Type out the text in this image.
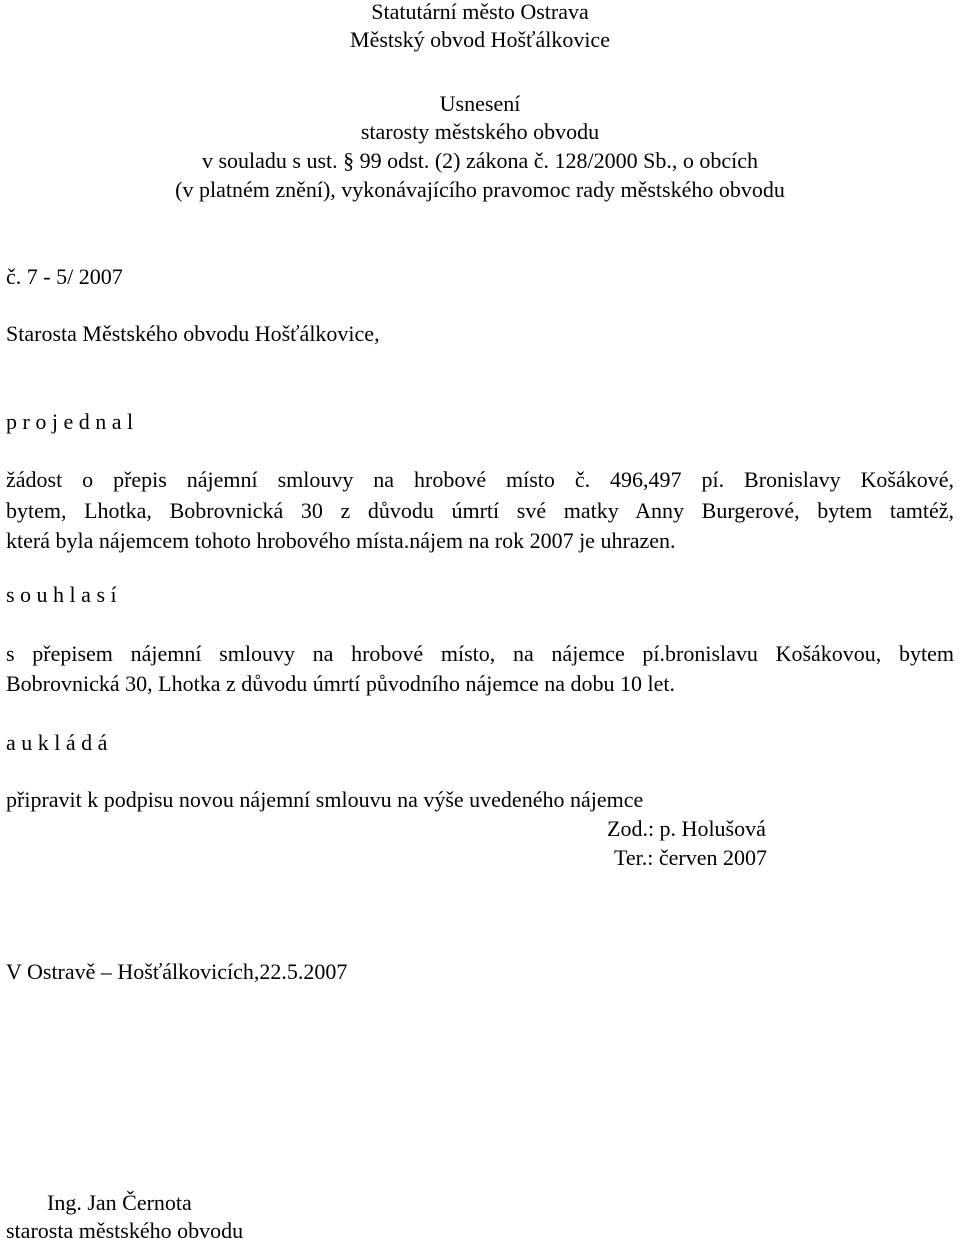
Statutární město Ostrava
Městský obvod Hošťálkovice
Usnesení
starosty městského obvodu
v souladu s ust. § 99 odst. (2) zákona č. 128/2000 Sb., o obcích
(v platném znění), vykonávajícího pravomoc rady městského obvodu
č. 7 - 5/ 2007
Starosta Městského obvodu Hošťálkovice,
p r o j e d n a l
žádost o přepis nájemní smlouvy na hrobové místo č. 496,497 pí. Bronislavy Košákové,
bytem, Lhotka, Bobrovnická 30 z důvodu úmrtí své matky Anny Burgerové, bytem tamtéž,
která byla nájemcem tohoto hrobového místa.nájem na rok 2007 je uhrazen.
s o u h l a s í
s přepisem nájemní smlouvy na hrobové místo, na nájemce pí.bronislavu Košákovou, bytem
Bobrovnická 30, Lhotka z důvodu úmrtí původního nájemce na dobu 10 let.
a u k l á d á
připravit k podpisu novou nájemní smlouvu na výše uvedeného nájemce
Zod.: p. Holušová
Ter.: červen 2007
V Ostravě – Hošťálkovicích,22.5.2007
Ing. Jan Černota
starosta městského obvodu
